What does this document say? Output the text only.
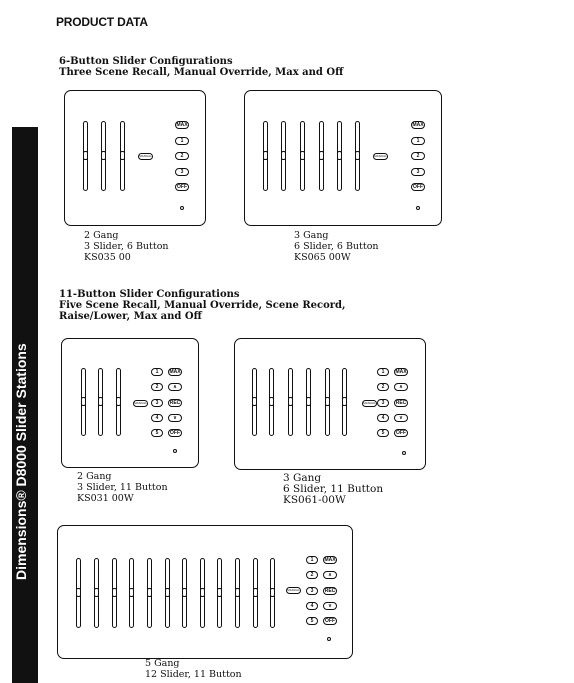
PRODUCT DATA
Dimensions® D8000 Slider Stations
6-Button Slider Configurations
Three Scene Recall, Manual Override, Max and Off
11-Button Slider Configurations
Five Scene Recall, Manual Override, Scene Record,
Raise/Lower, Max and Off
MANUAL
MAX
1
2
3
OFF
MANUAL
MAX
1
2
3
OFF
MANUAL
1
2
3
4
5
MAX
∧
REC
∨
OFF
MANUAL
1
2
3
4
5
MAX
∧
REC
∨
OFF
MANUAL
1
2
3
4
5
MAX
∧
REC
∨
OFF
2 Gang
3 Slider, 6 Button
KS035 00
3 Gang
6 Slider, 6 Button
KS065 00W
2 Gang
3 Slider, 11 Button
KS031 00W
3 Gang
6 Slider, 11 Button
KS061-00W
5 Gang
12 Slider, 11 Button
